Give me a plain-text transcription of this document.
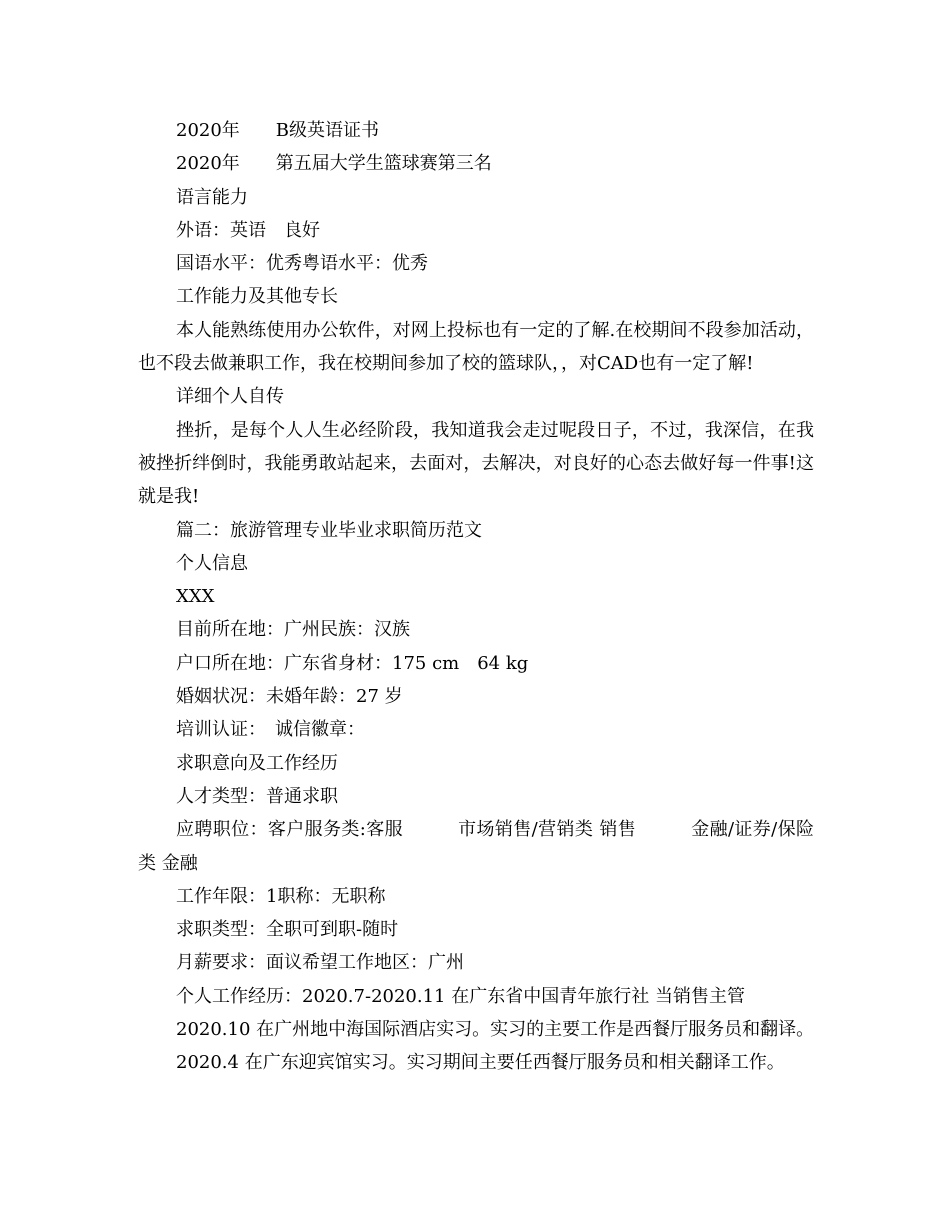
2020年　　B级英语证书

2020年　　第五届大学生篮球赛第三名

语言能力

外语：英语　良好

国语水平：优秀粤语水平：优秀

工作能力及其他专长

本人能熟练使用办公软件，对网上投标也有一定的了解.在校期间不段参加活动，也不段去做兼职工作，我在校期间参加了校的篮球队，，对CAD也有一定了解!

详细个人自传

挫折，是每个人人生必经阶段，我知道我会走过呢段日子，不过，我深信，在我被挫折绊倒时，我能勇敢站起来，去面对，去解决，对良好的心态去做好每一件事!这就是我!

篇二：旅游管理专业毕业求职简历范文

个人信息

XXX

目前所在地：广州民族：汉族

户口所在地：广东省身材：175 cm　64 kg

婚姻状况：未婚年龄：27 岁

培训认证：　诚信徽章：

求职意向及工作经历

人才类型：普通求职

应聘职位：客户服务类:客服　　　市场销售/营销类 销售　　　金融/证券/保险类 金融

工作年限：1职称：无职称

求职类型：全职可到职-随时

月薪要求：面议希望工作地区：广州

个人工作经历：2020.7-2020.11 在广东省中国青年旅行社 当销售主管

2020.10 在广州地中海国际酒店实习。实习的主要工作是西餐厅服务员和翻译。

2020.4 在广东迎宾馆实习。实习期间主要任西餐厅服务员和相关翻译工作。
